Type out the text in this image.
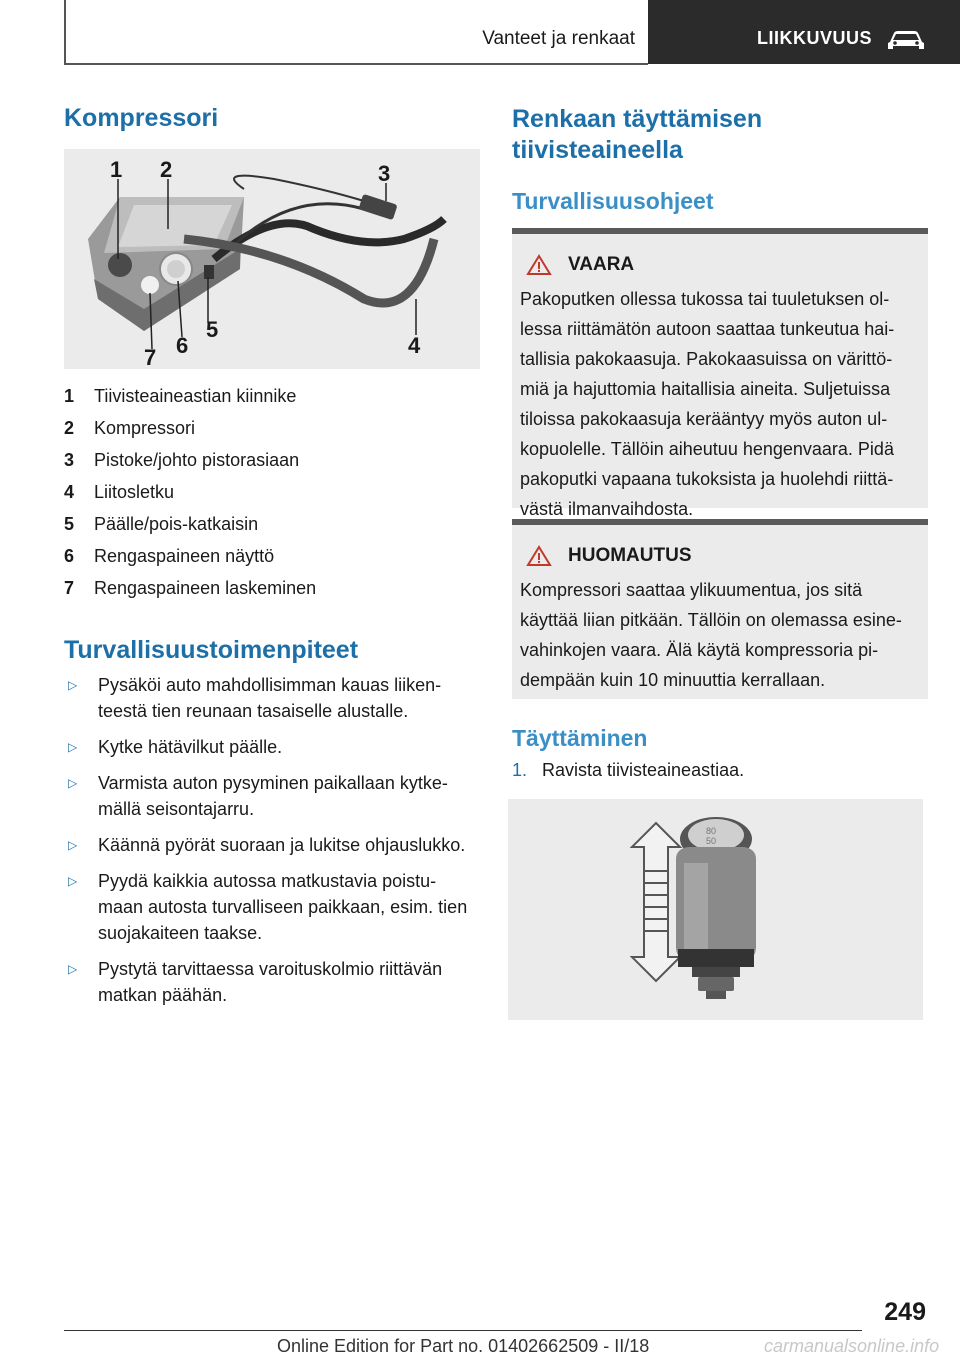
Vanteet ja renkaat	LIIKKUVUUS
Kompressori
1 2	3
4
5
6
7
1	Tiivisteaineastian kiinnike
2	Kompressori
3	Pistoke/johto pistorasiaan
4	Liitosletku
5	Päälle/pois-katkaisin
6	Rengaspaineen näyttö
7	Rengaspaineen laskeminen
Turvallisuustoimenpiteet
▷	Pysäköi auto mahdollisimman kauas liiken-
teestä tien reunaan tasaiselle alustalle.
▷	Kytke hätävilkut päälle.
▷	Varmista auton pysyminen paikallaan kytke-
mällä seisontajarru.
▷	Käännä pyörät suoraan ja lukitse ohjauslukko.
▷	Pyydä kaikkia autossa matkustavia poistu-
maan autosta turvalliseen paikkaan, esim. tien
suojakaiteen taakse.
▷	Pystytä tarvittaessa varoituskolmio riittävän
matkan päähän.
Renkaan täyttämisen
tiivisteaineella
Turvallisuusohjeet
VAARA
Pakoputken ollessa tukossa tai tuuletuksen ol-
lessa riittämätön autoon saattaa tunkeutua hai-
tallisia pakokaasuja. Pakokaasuissa on värittö-
miä ja hajuttomia haitallisia aineita. Suljetuissa
tiloissa pakokaasuja kerääntyy myös auton ul-
kopuolelle. Tällöin aiheutuu hengenvaara. Pidä
pakoputki vapaana tukoksista ja huolehdi riittä-
västä ilmanvaihdosta.
HUOMAUTUS
Kompressori saattaa ylikuumentua, jos sitä
käyttää liian pitkään. Tällöin on olemassa esine-
vahinkojen vaara. Älä käytä kompressoria pi-
dempään kuin 10 minuuttia kerrallaan.
Täyttäminen
1. Ravista tiivisteaineastiaa.
80
50
249
Online Edition for Part no. 01402662509 - II/18	carmanualsonline.info
